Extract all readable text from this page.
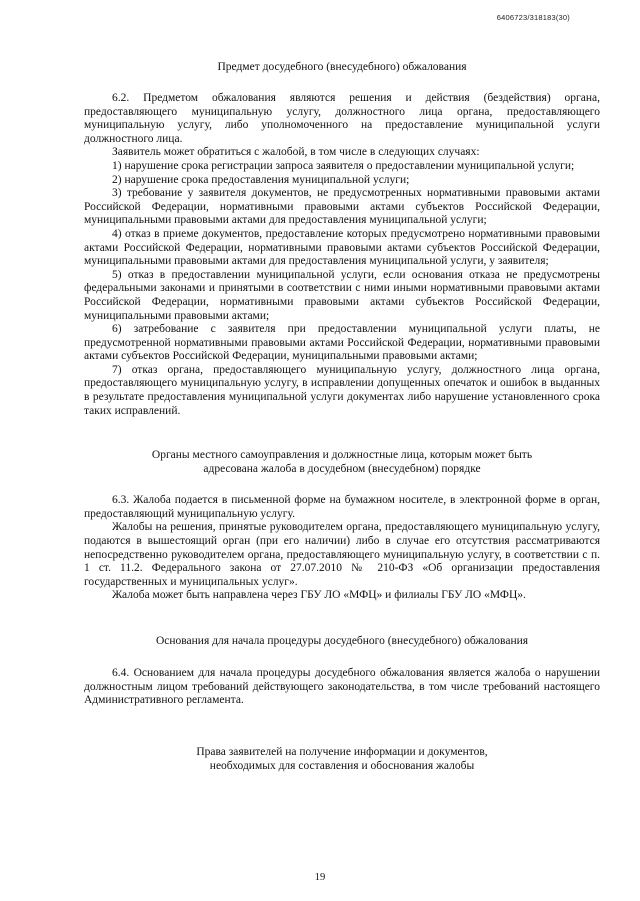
6406723/318183(30)

Предмет досудебного (внесудебного) обжалования

6.2. Предметом обжалования являются решения и действия (бездействия) органа, предоставляющего муниципальную услугу, должностного лица органа, предоставляющего муниципальную услугу, либо уполномоченного на предоставление муниципальной услуги должностного лица.

Заявитель может обратиться с жалобой, в том числе в следующих случаях:

1) нарушение срока регистрации запроса заявителя о предоставлении муниципальной услуги;

2) нарушение срока предоставления муниципальной услуги;

3) требование у заявителя документов, не предусмотренных нормативными правовыми актами Российской Федерации, нормативными правовыми актами субъектов Российской Федерации, муниципальными правовыми актами для предоставления муниципальной услуги;

4) отказ в приеме документов, предоставление которых предусмотрено нормативными правовыми актами Российской Федерации, нормативными правовыми актами субъектов Российской Федерации, муниципальными правовыми актами для предоставления муниципальной услуги, у заявителя;

5) отказ в предоставлении муниципальной услуги, если основания отказа не предусмотрены федеральными законами и принятыми в соответствии с ними иными нормативными правовыми актами Российской Федерации, нормативными правовыми актами субъектов Российской Федерации, муниципальными правовыми актами;

6) затребование с заявителя при предоставлении муниципальной услуги платы, не предусмотренной нормативными правовыми актами Российской Федерации, нормативными правовыми актами субъектов Российской Федерации, муниципальными правовыми актами;

7) отказ органа, предоставляющего муниципальную услугу, должностного лица органа, предоставляющего муниципальную услугу, в исправлении допущенных опечаток и ошибок в выданных в результате предоставления муниципальной услуги документах либо нарушение установленного срока таких исправлений.

Органы местного самоуправления и должностные лица, которым может быть
адресована жалоба в досудебном (внесудебном) порядке

6.3. Жалоба подается в письменной форме на бумажном носителе, в электронной форме в орган, предоставляющий муниципальную услугу.

Жалобы на решения, принятые руководителем органа, предоставляющего муниципальную услугу, подаются в вышестоящий орган (при его наличии) либо в случае его отсутствия рассматриваются непосредственно руководителем органа, предоставляющего муниципальную услугу, в соответствии с п. 1 ст. 11.2. Федерального закона от 27.07.2010 № 210-ФЗ «Об организации предоставления государственных и муниципальных услуг».

Жалоба может быть направлена через ГБУ ЛО «МФЦ» и филиалы ГБУ ЛО «МФЦ».

Основания для начала процедуры досудебного (внесудебного) обжалования

6.4. Основанием для начала процедуры досудебного обжалования является жалоба о нарушении должностным лицом требований действующего законодательства, в том числе требований настоящего Административного регламента.

Права заявителей на получение информации и документов,
необходимых для составления и обоснования жалобы
19
